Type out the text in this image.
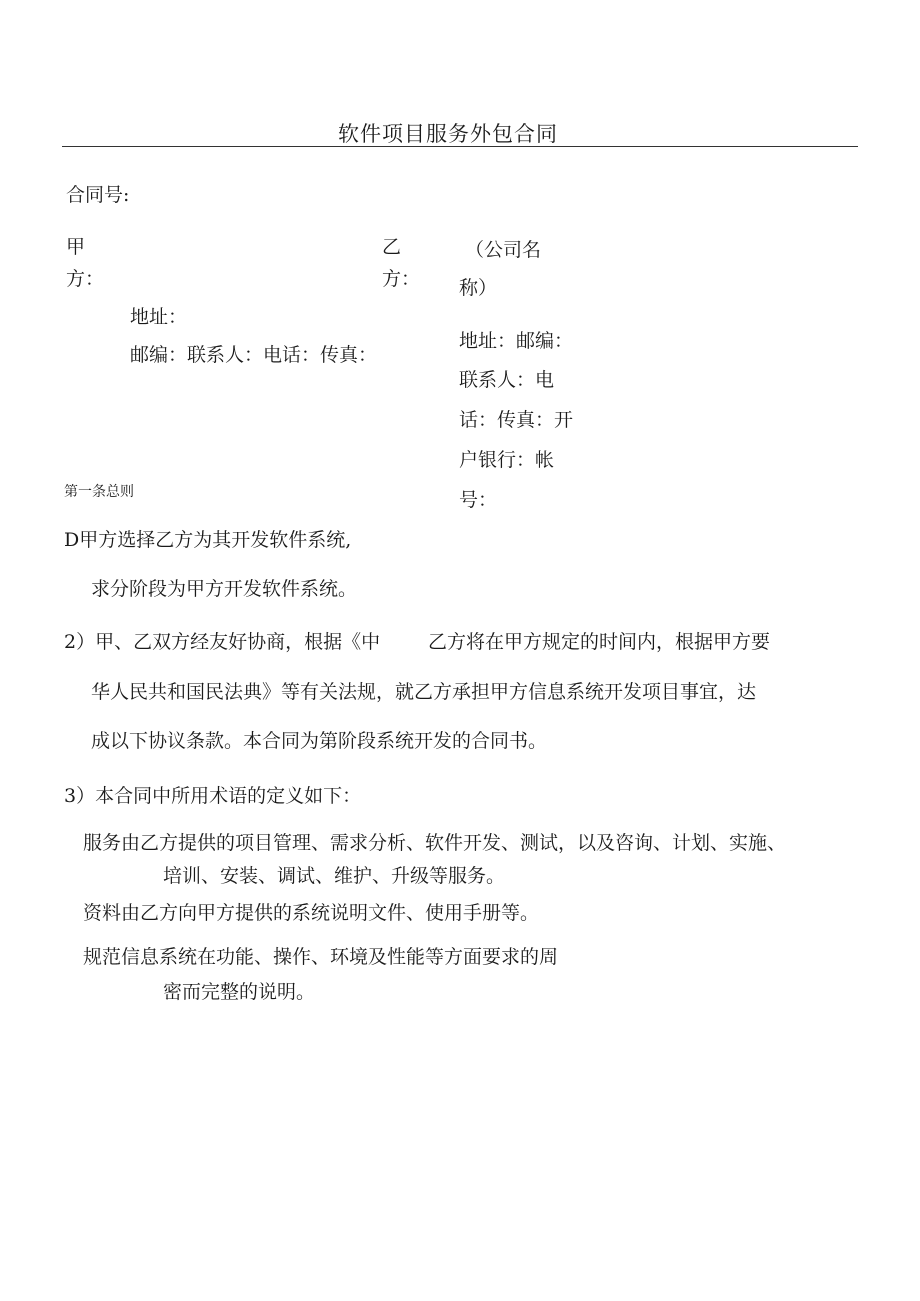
软件项目服务外包合同
合同号:
甲
方：
地址：
邮编：联系人：电话：传真：
乙
方：
（公司名
称）
地址：邮编：
联系人：电
话：传真：开
户银行：帐
号：
第一条总则
D甲方选择乙方为其开发软件系统,
求分阶段为甲方开发软件系统。
2）甲、乙双方经友好协商，根据《中	乙方将在甲方规定的时间内，根据甲方要
华人民共和国民法典》等有关法规，就乙方承担甲方信息系统开发项目事宜，达
成以下协议条款。本合同为第阶段系统开发的合同书。
3）本合同中所用术语的定义如下：
服务由乙方提供的项目管理、需求分析、软件开发、测试，以及咨询、计划、实施、
培训、安装、调试、维护、升级等服务。
资料由乙方向甲方提供的系统说明文件、使用手册等。
规范信息系统在功能、操作、环境及性能等方面要求的周
密而完整的说明。
